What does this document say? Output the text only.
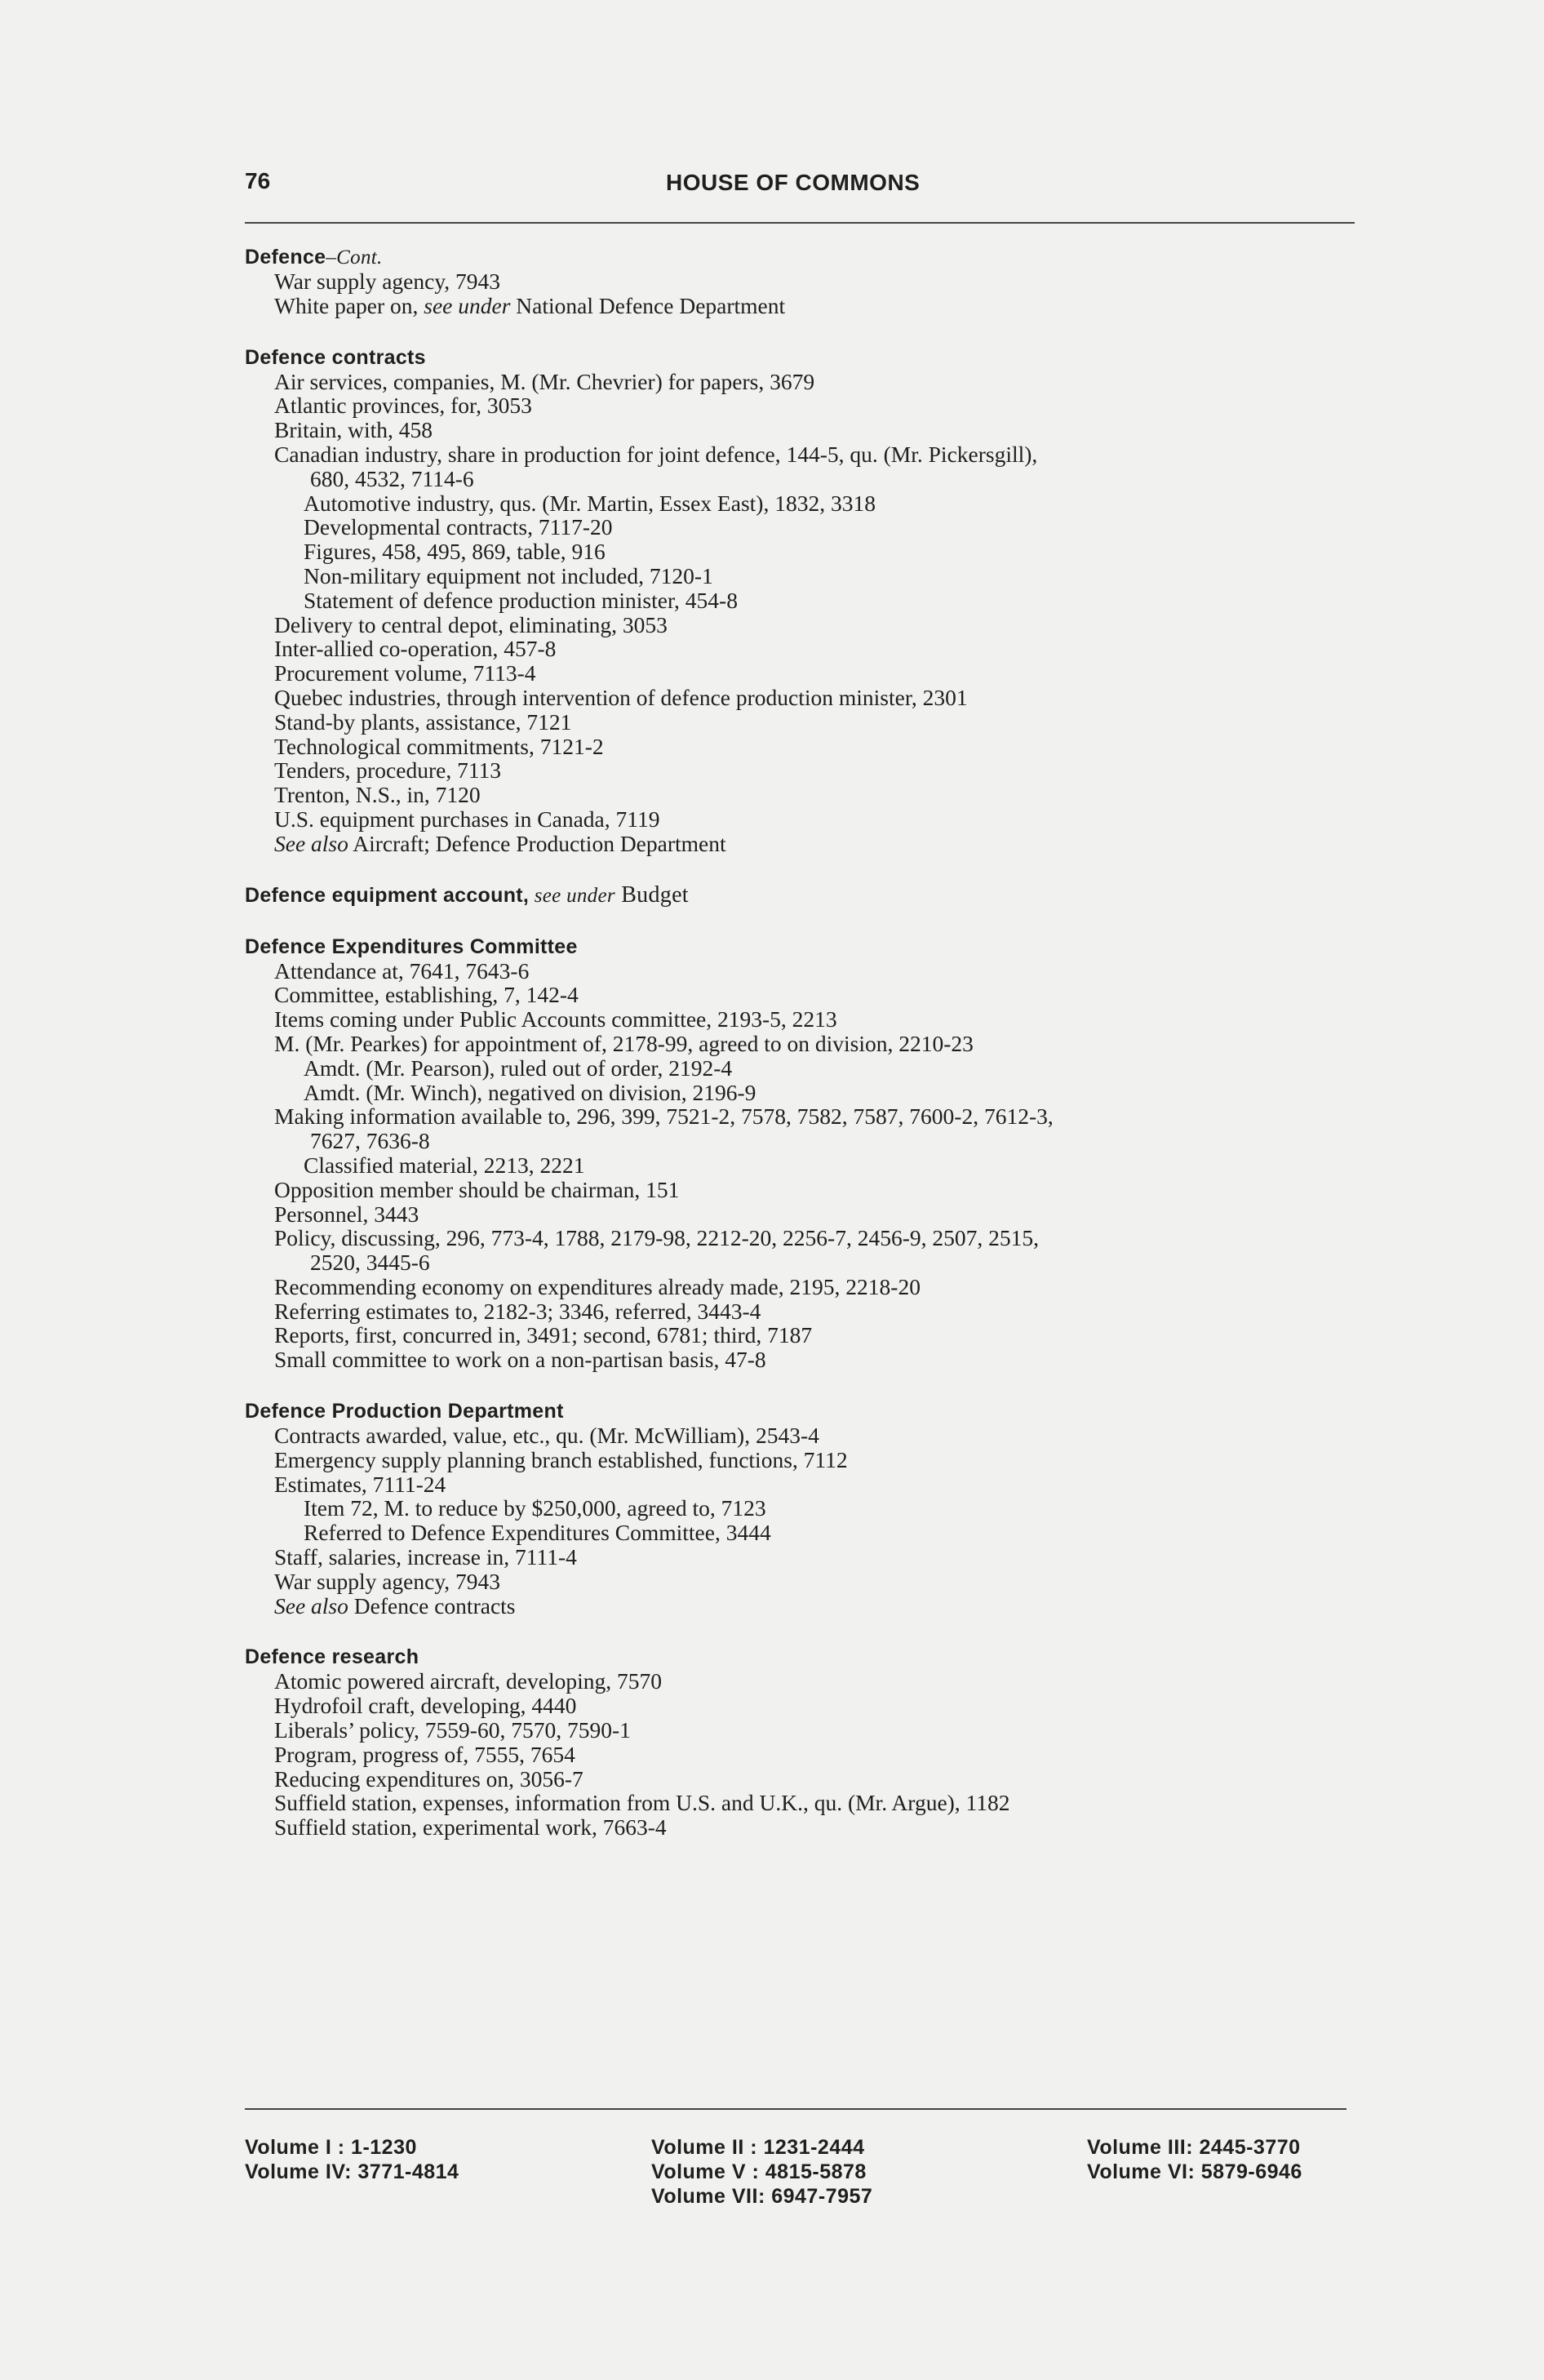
76	HOUSE OF COMMONS
Defence–Cont.
War supply agency, 7943
White paper on, see under National Defence Department
Defence contracts
Air services, companies, M. (Mr. Chevrier) for papers, 3679
Atlantic provinces, for, 3053
Britain, with, 458
Canadian industry, share in production for joint defence, 144-5, qu. (Mr. Pickersgill),
680, 4532, 7114-6
Automotive industry, qus. (Mr. Martin, Essex East), 1832, 3318
Developmental contracts, 7117-20
Figures, 458, 495, 869, table, 916
Non-military equipment not included, 7120-1
Statement of defence production minister, 454-8
Delivery to central depot, eliminating, 3053
Inter-allied co-operation, 457-8
Procurement volume, 7113-4
Quebec industries, through intervention of defence production minister, 2301
Stand-by plants, assistance, 7121
Technological commitments, 7121-2
Tenders, procedure, 7113
Trenton, N.S., in, 7120
U.S. equipment purchases in Canada, 7119
See also Aircraft; Defence Production Department
Defence equipment account, see under Budget
Defence Expenditures Committee
Attendance at, 7641, 7643-6
Committee, establishing, 7, 142-4
Items coming under Public Accounts committee, 2193-5, 2213
M. (Mr. Pearkes) for appointment of, 2178-99, agreed to on division, 2210-23
Amdt. (Mr. Pearson), ruled out of order, 2192-4
Amdt. (Mr. Winch), negatived on division, 2196-9
Making information available to, 296, 399, 7521-2, 7578, 7582, 7587, 7600-2, 7612-3,
7627, 7636-8
Classified material, 2213, 2221
Opposition member should be chairman, 151
Personnel, 3443
Policy, discussing, 296, 773-4, 1788, 2179-98, 2212-20, 2256-7, 2456-9, 2507, 2515,
2520, 3445-6
Recommending economy on expenditures already made, 2195, 2218-20
Referring estimates to, 2182-3; 3346, referred, 3443-4
Reports, first, concurred in, 3491; second, 6781; third, 7187
Small committee to work on a non-partisan basis, 47-8
Defence Production Department
Contracts awarded, value, etc., qu. (Mr. McWilliam), 2543-4
Emergency supply planning branch established, functions, 7112
Estimates, 7111-24
Item 72, M. to reduce by $250,000, agreed to, 7123
Referred to Defence Expenditures Committee, 3444
Staff, salaries, increase in, 7111-4
War supply agency, 7943
See also Defence contracts
Defence research
Atomic powered aircraft, developing, 7570
Hydrofoil craft, developing, 4440
Liberals’ policy, 7559-60, 7570, 7590-1
Program, progress of, 7555, 7654
Reducing expenditures on, 3056-7
Suffield station, expenses, information from U.S. and U.K., qu. (Mr. Argue), 1182
Suffield station, experimental work, 7663-4
Volume I : 1-1230
Volume IV: 3771-4814
Volume II : 1231-2444
Volume V : 4815-5878
Volume VII: 6947-7957
Volume III: 2445-3770
Volume VI: 5879-6946
